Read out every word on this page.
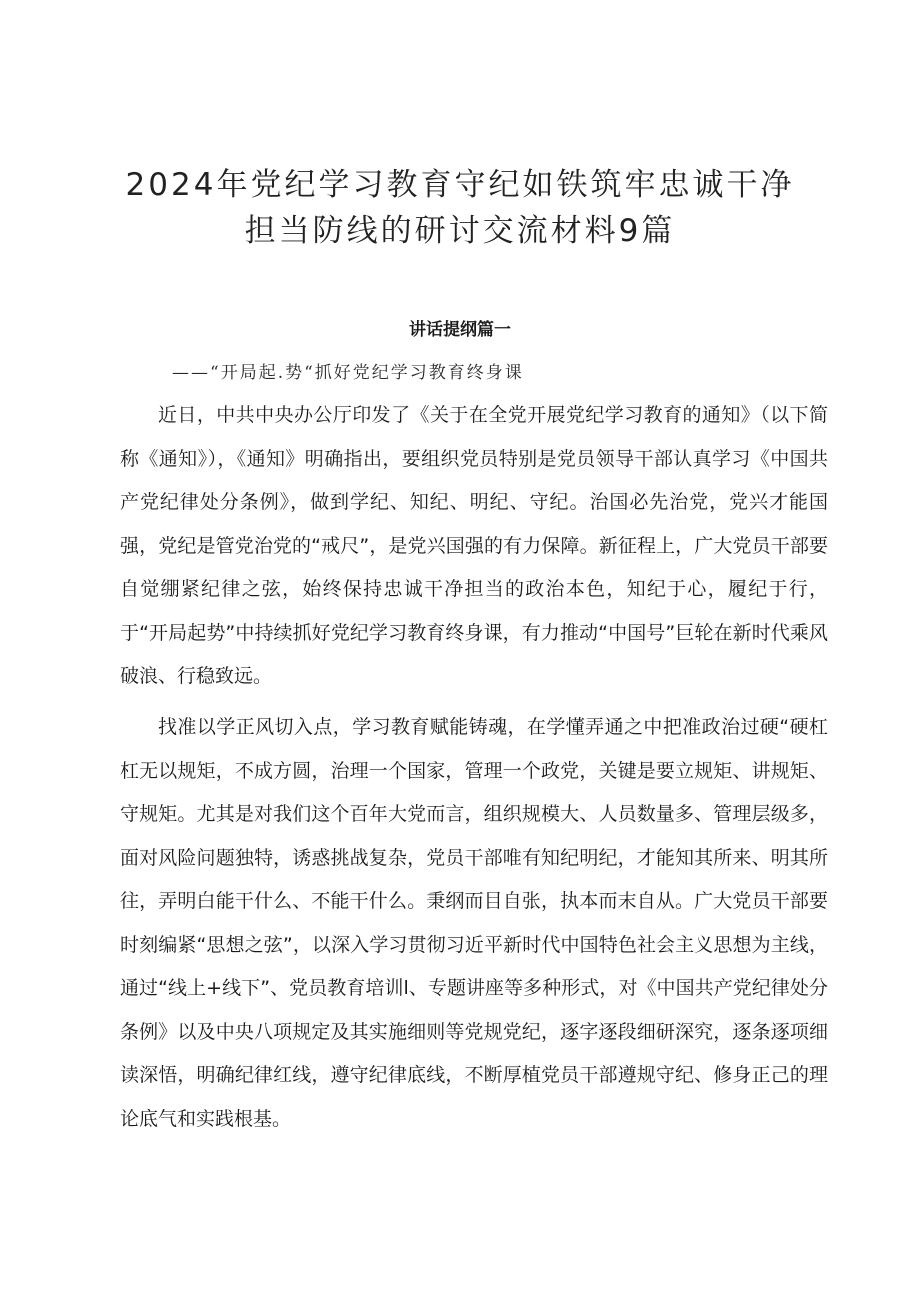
2024年党纪学习教育守纪如铁筑牢忠诚干净
担当防线的研讨交流材料9篇
讲话提纲篇一
——“开局起.势“抓好党纪学习教育终身课

近日，中共中央办公厅印发了《关于在全党开展党纪学习教育的通知》（以下简称《通知》），《通知》明确指出，要组织党员特别是党员领导干部认真学习《中国共产党纪律处分条例》，做到学纪、知纪、明纪、守纪。治国必先治党，党兴才能国强，党纪是管党治党的“戒尺”，是党兴国强的有力保障。新征程上，广大党员干部要自觉绷紧纪律之弦，始终保持忠诚干净担当的政治本色，知纪于心，履纪于行，于“开局起势”中持续抓好党纪学习教育终身课，有力推动“中国号”巨轮在新时代乘风破浪、行稳致远。

找准以学正风切入点，学习教育赋能铸魂，在学懂弄通之中把准政治过硬“硬杠杠无以规矩，不成方圆，治理一个国家，管理一个政党，关键是要立规矩、讲规矩、守规矩。尤其是对我们这个百年大党而言，组织规模大、人员数量多、管理层级多，面对风险问题独特，诱惑挑战复杂，党员干部唯有知纪明纪，才能知其所来、明其所往，弄明白能干什么、不能干什么。秉纲而目自张，执本而末自从。广大党员干部要时刻编紧“思想之弦”，以深入学习贯彻习近平新时代中国特色社会主义思想为主线，通过“线上+线下”、党员教育培训l、专题讲座等多种形式，对《中国共产党纪律处分条例》以及中央八项规定及其实施细则等党规党纪，逐字逐段细研深究，逐条逐项细读深悟，明确纪律红线，遵守纪律底线，不断厚植党员干部遵规守纪、修身正己的理论底气和实践根基。
